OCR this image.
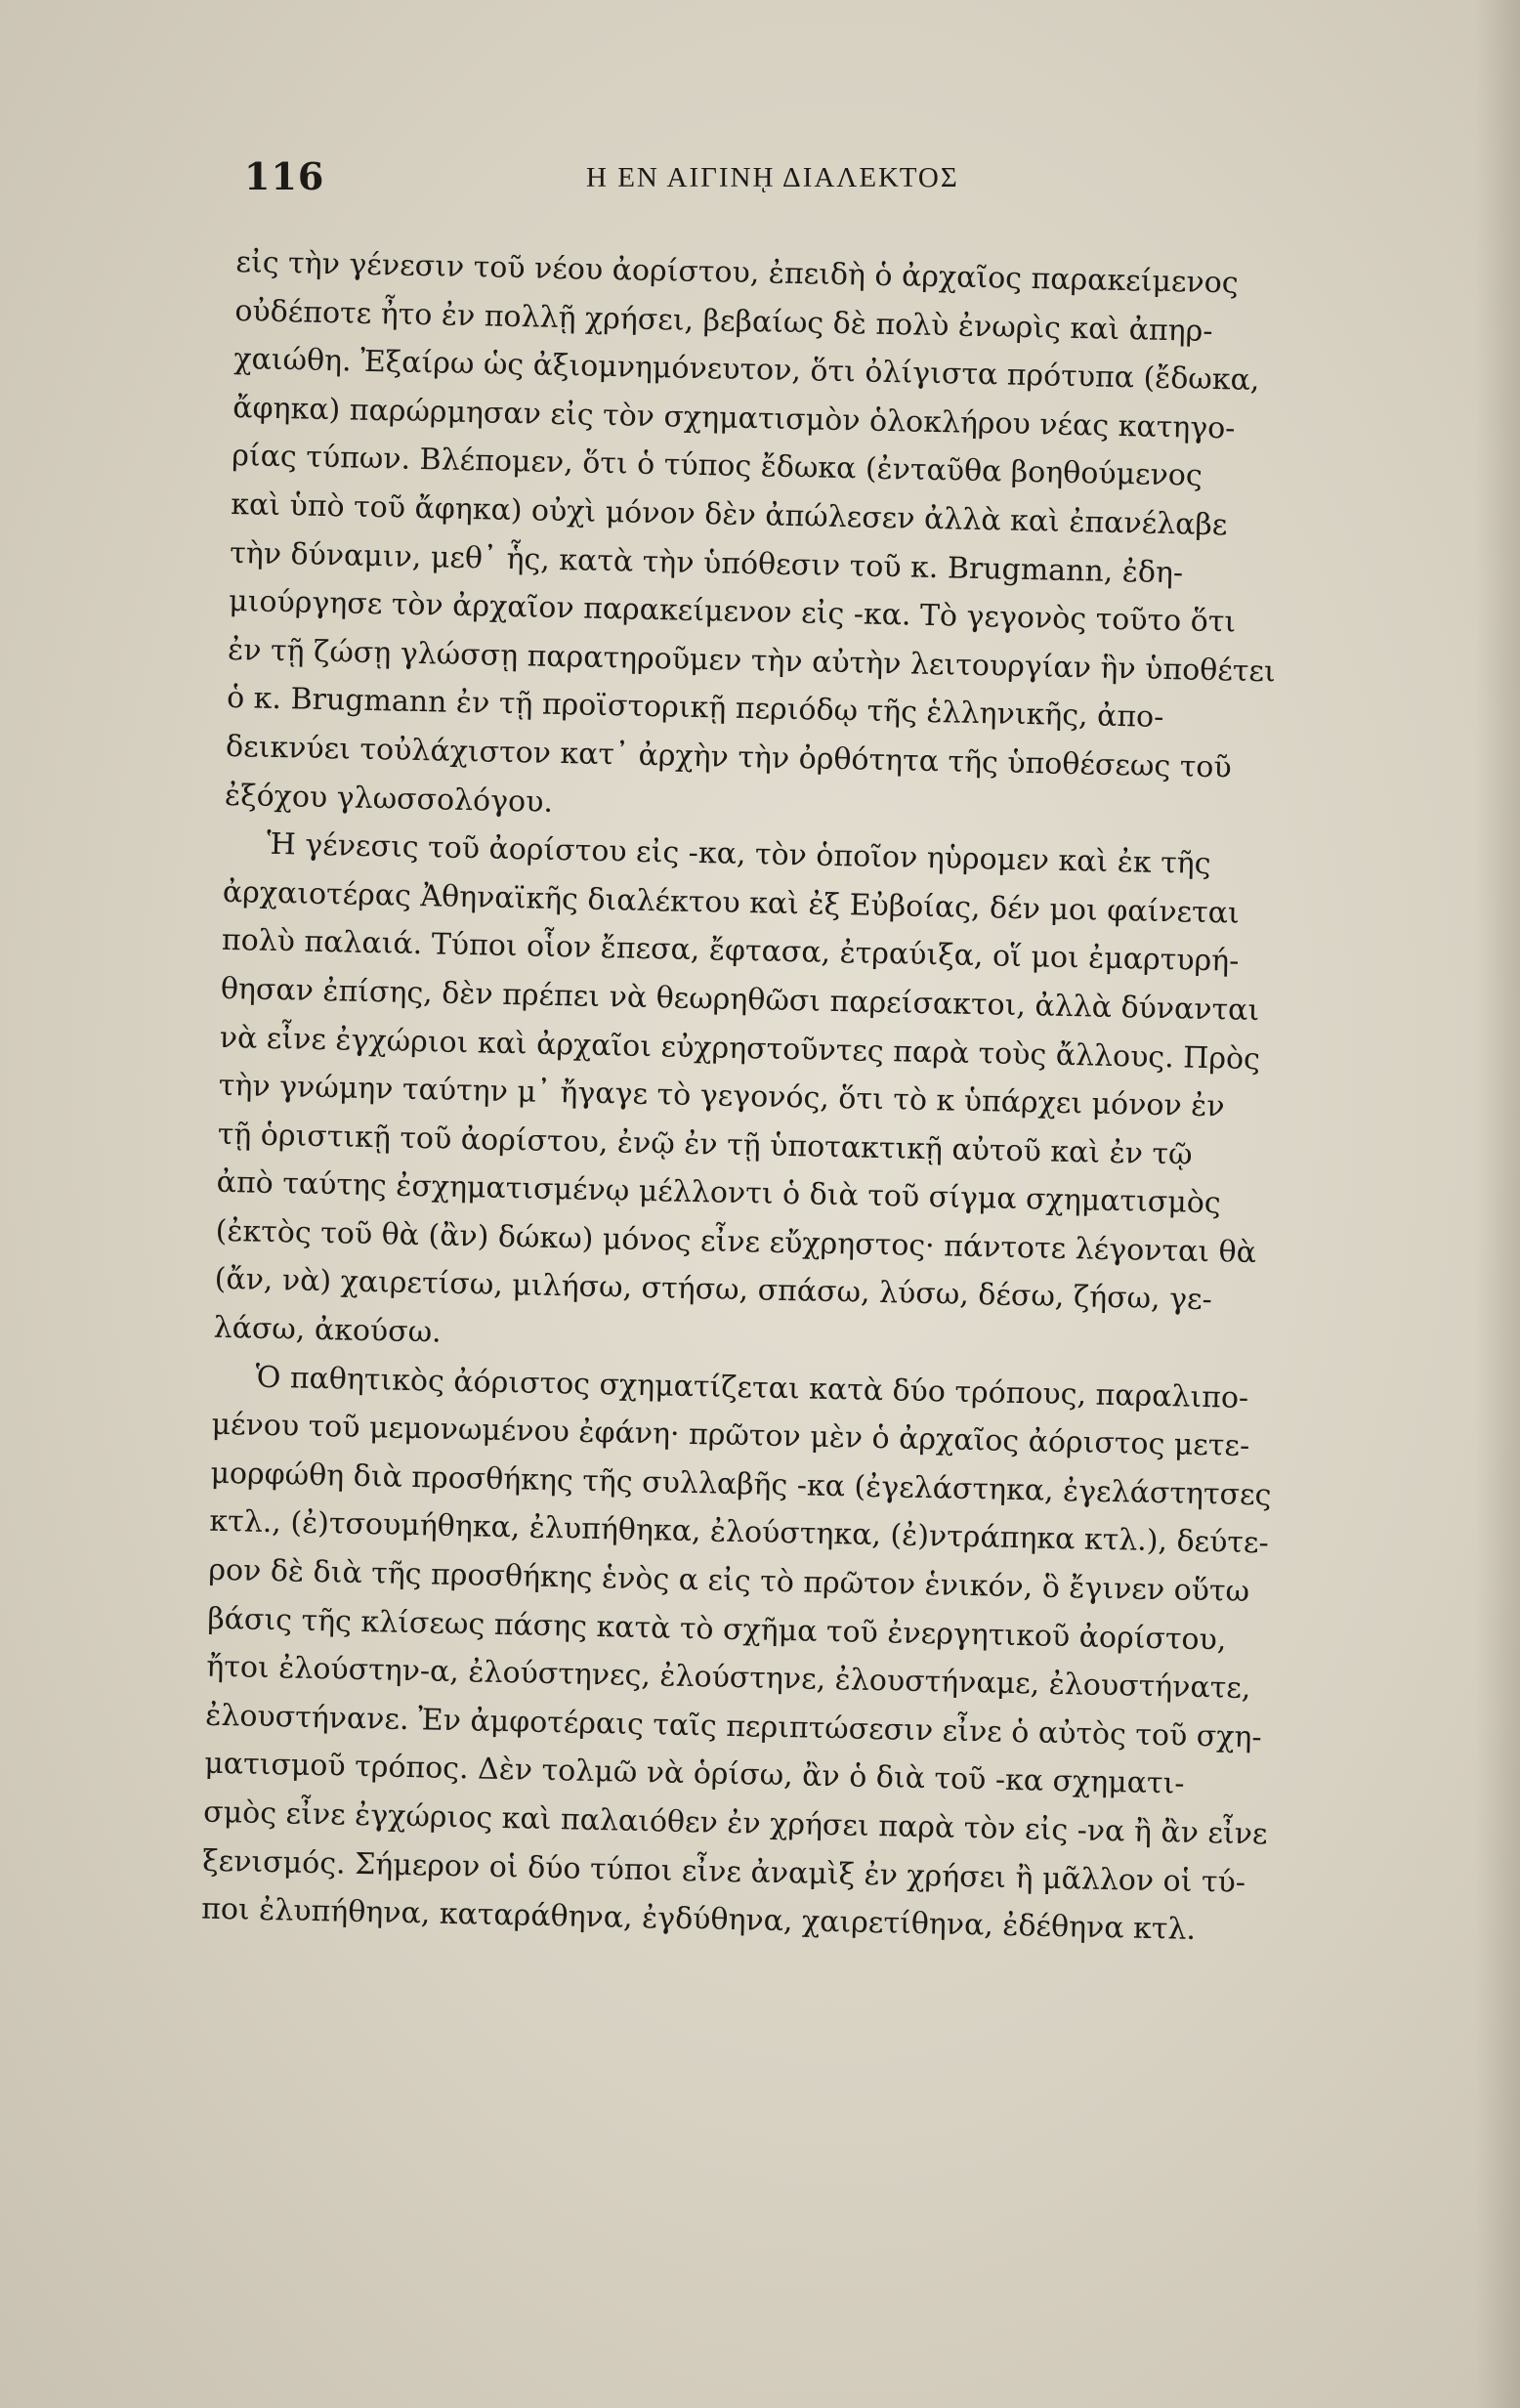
116	Η ΕΝ ΑΙΓΙΝῌ ΔΙΑΛΕΚΤΟΣ
εἰς τὴν γένεσιν τοῦ νέου ἀορίστου, ἐπειδὴ ὁ ἀρχαῖος παρακείμενος
οὐδέποτε ἦτο ἐν πολλῇ χρήσει, βεβαίως δὲ πολὺ ἐνωρὶς καὶ ἀπηρ-
χαιώθη. Ἐξαίρω ὡς ἀξιομνημόνευτον, ὅτι ὀλίγιστα πρότυπα (ἔδωκα,
ἄφηκα) παρώρμησαν εἰς τὸν σχηματισμὸν ὁλοκλήρου νέας κατηγο-
ρίας τύπων. Βλέπομεν, ὅτι ὁ τύπος ἔδωκα (ἐνταῦθα βοηθούμενος
καὶ ὑπὸ τοῦ ἄφηκα) οὐχὶ μόνον δὲν ἀπώλεσεν ἀλλὰ καὶ ἐπανέλαβε
τὴν δύναμιν, μεθ᾽ ἧς, κατὰ τὴν ὑπόθεσιν τοῦ κ. Brugmann, ἐδη-
μιούργησε τὸν ἀρχαῖον παρακείμενον εἰς -κα. Τὸ γεγονὸς τοῦτο ὅτι
ἐν τῇ ζώσῃ γλώσσῃ παρατηροῦμεν τὴν αὐτὴν λειτουργίαν ἣν ὑποθέτει
ὁ κ. Brugmann ἐν τῇ προϊστορικῇ περιόδῳ τῆς ἑλληνικῆς, ἀπο-
δεικνύει τοὐλάχιστον κατ᾽ ἀρχὴν τὴν ὀρθότητα τῆς ὑποθέσεως τοῦ
ἐξόχου γλωσσολόγου.
Ἡ γένεσις τοῦ ἀορίστου εἰς -κα, τὸν ὁποῖον ηὑρομεν καὶ ἐκ τῆς
ἀρχαιοτέρας Ἀθηναϊκῆς διαλέκτου καὶ ἐξ Εὐβοίας, δέν μοι φαίνεται
πολὺ παλαιά. Τύποι οἷον ἔπεσα, ἔφτασα, ἐτραύιξα, οἵ μοι ἐμαρτυρή-
θησαν ἐπίσης, δὲν πρέπει νὰ θεωρηθῶσι παρείσακτοι, ἀλλὰ δύνανται
νὰ εἶνε ἐγχώριοι καὶ ἀρχαῖοι εὐχρηστοῦντες παρὰ τοὺς ἄλλους. Πρὸς
τὴν γνώμην ταύτην μ᾽ ἤγαγε τὸ γεγονός, ὅτι τὸ κ ὑπάρχει μόνον ἐν
τῇ ὁριστικῇ τοῦ ἀορίστου, ἐνῷ ἐν τῇ ὑποτακτικῇ αὐτοῦ καὶ ἐν τῷ
ἀπὸ ταύτης ἐσχηματισμένῳ μέλλοντι ὁ διὰ τοῦ σίγμα σχηματισμὸς
(ἐκτὸς τοῦ θὰ (ἂν) δώκω) μόνος εἶνε εὔχρηστος· πάντοτε λέγονται θὰ
(ἄν, νὰ) χαιρετίσω, μιλήσω, στήσω, σπάσω, λύσω, δέσω, ζήσω, γε-
λάσω, ἀκούσω.
Ὁ παθητικὸς ἀόριστος σχηματίζεται κατὰ δύο τρόπους, παραλιπο-
μένου τοῦ μεμονωμένου ἐφάνη· πρῶτον μὲν ὁ ἀρχαῖος ἀόριστος μετε-
μορφώθη διὰ προσθήκης τῆς συλλαβῆς -κα (ἐγελάστηκα, ἐγελάστητσες
κτλ., (ἐ)τσουμήθηκα, ἐλυπήθηκα, ἐλούστηκα, (ἐ)ντράπηκα κτλ.), δεύτε-
ρον δὲ διὰ τῆς προσθήκης ἑνὸς α εἰς τὸ πρῶτον ἑνικόν, ὃ ἔγινεν οὕτω
βάσις τῆς κλίσεως πάσης κατὰ τὸ σχῆμα τοῦ ἐνεργητικοῦ ἀορίστου,
ἤτοι ἐλούστην-α, ἐλούστηνες, ἐλούστηνε, ἐλουστήναμε, ἐλουστήνατε,
ἐλουστήνανε. Ἐν ἀμφοτέραις ταῖς περιπτώσεσιν εἶνε ὁ αὐτὸς τοῦ σχη-
ματισμοῦ τρόπος. Δὲν τολμῶ νὰ ὁρίσω, ἂν ὁ διὰ τοῦ -κα σχηματι-
σμὸς εἶνε ἐγχώριος καὶ παλαιόθεν ἐν χρήσει παρὰ τὸν εἰς -να ἢ ἂν εἶνε
ξενισμός. Σήμερον οἱ δύο τύποι εἶνε ἀναμὶξ ἐν χρήσει ἢ μᾶλλον οἱ τύ-
ποι ἐλυπήθηνα, καταράθηνα, ἐγδύθηνα, χαιρετίθηνα, ἐδέθηνα κτλ.
